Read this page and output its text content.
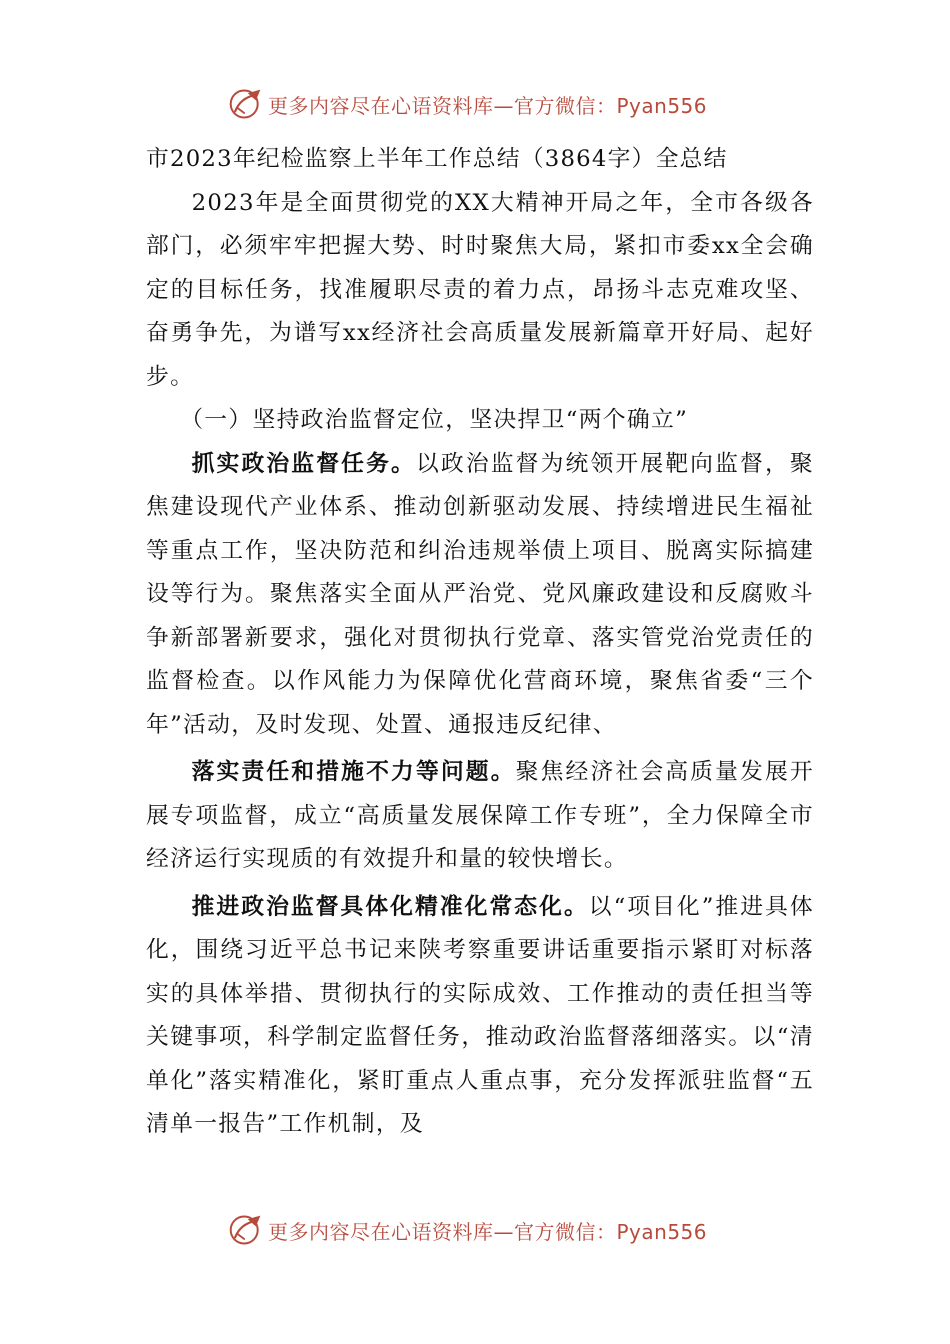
更多内容尽在心语资料库—官方微信：Pyan556

市2023年纪检监察上半年工作总结（3864字）全总结

2023年是全面贯彻党的XX大精神开局之年，全市各级各部门，必须牢牢把握大势、时时聚焦大局，紧扣市委xx全会确定的目标任务，找准履职尽责的着力点，昂扬斗志克难攻坚、奋勇争先，为谱写xx经济社会高质量发展新篇章开好局、起好步。

（一）坚持政治监督定位，坚决捍卫“两个确立”

抓实政治监督任务。以政治监督为统领开展靶向监督，聚焦建设现代产业体系、推动创新驱动发展、持续增进民生福祉等重点工作，坚决防范和纠治违规举债上项目、脱离实际搞建设等行为。聚焦落实全面从严治党、党风廉政建设和反腐败斗争新部署新要求，强化对贯彻执行党章、落实管党治党责任的监督检查。以作风能力为保障优化营商环境，聚焦省委“三个年”活动，及时发现、处置、通报违反纪律、

落实责任和措施不力等问题。聚焦经济社会高质量发展开展专项监督，成立“高质量发展保障工作专班”，全力保障全市经济运行实现质的有效提升和量的较快增长。

推进政治监督具体化精准化常态化。以“项目化”推进具体化，围绕习近平总书记来陕考察重要讲话重要指示紧盯对标落实的具体举措、贯彻执行的实际成效、工作推动的责任担当等关键事项，科学制定监督任务，推动政治监督落细落实。以“清单化”落实精准化，紧盯重点人重点事，充分发挥派驻监督“五清单一报告”工作机制，及

更多内容尽在心语资料库—官方微信：Pyan556
